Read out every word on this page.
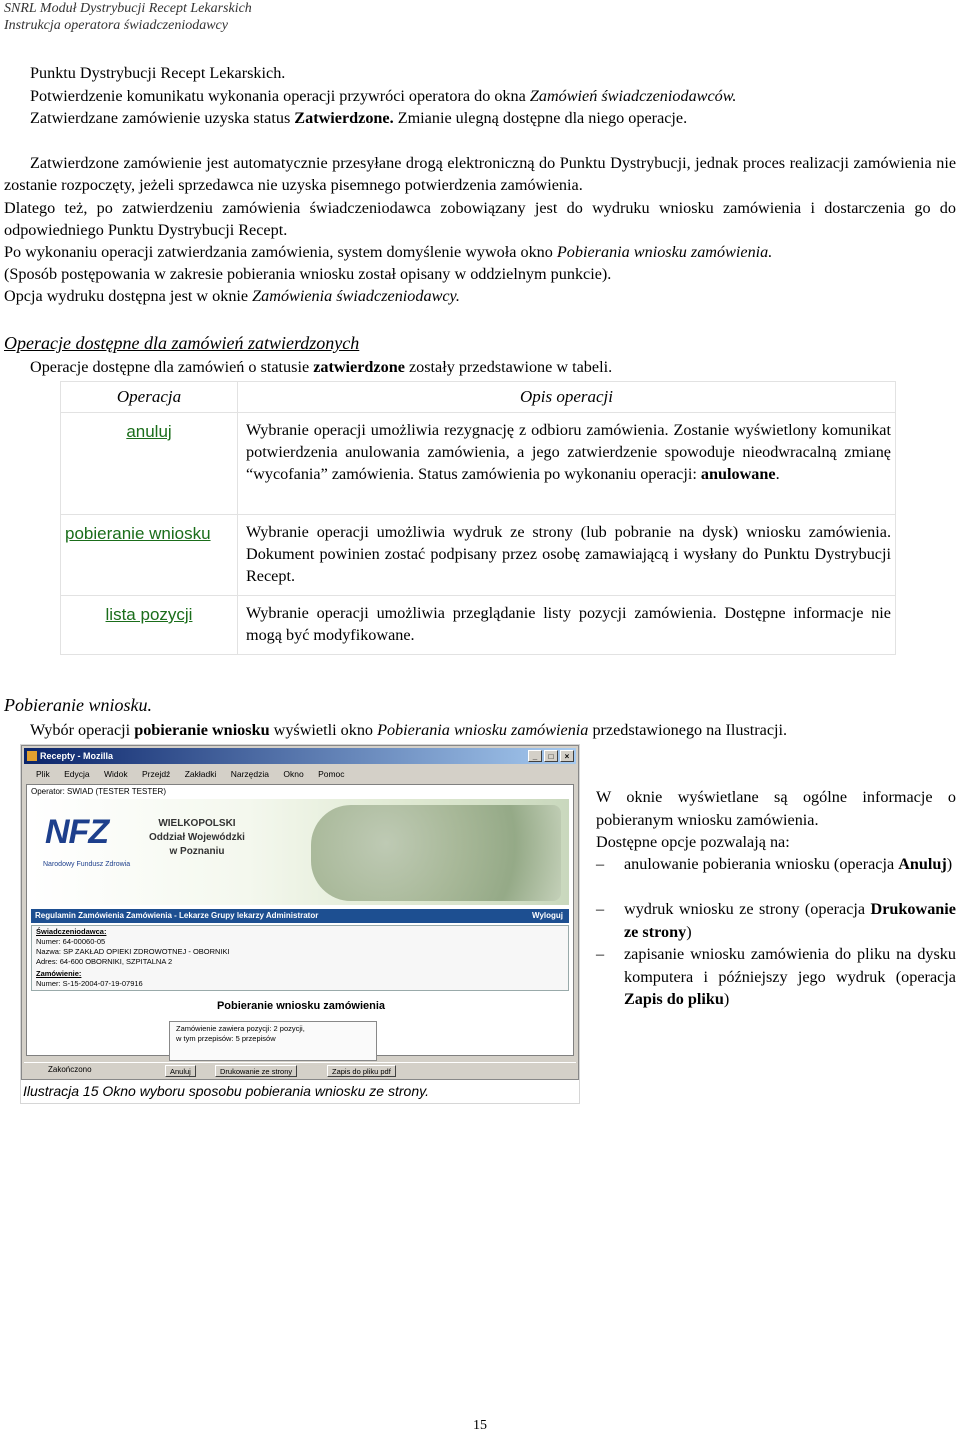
SNRL Moduł Dystrybucji Recept Lekarskich
Instrukcja operatora świadczeniodawcy

Punktu Dystrybucji Recept Lekarskich.

Potwierdzenie komunikatu wykonania operacji przywróci operatora do okna Zamówień świadczeniodawców.

Zatwierdzane zamówienie uzyska status Zatwierdzone. Zmianie ulegną dostępne dla niego operacje.

Zatwierdzone zamówienie jest automatycznie przesyłane drogą elektroniczną do Punktu Dystrybucji, jednak proces realizacji zamówienia nie zostanie rozpoczęty, jeżeli sprzedawca nie uzyska pisemnego potwierdzenia zamówienia.

Dlatego też, po zatwierdzeniu zamówienia świadczeniodawca zobowiązany jest do wydruku wniosku zamówienia i dostarczenia go do odpowiedniego Punktu Dystrybucji Recept.

Po wykonaniu operacji zatwierdzania zamówienia, system domyślenie wywoła okno Pobierania wniosku zamówienia.

(Sposób postępowania w zakresie pobierania wniosku został opisany w oddzielnym punkcie).

Opcja wydruku dostępna jest w oknie Zamówienia świadczeniodawcy.

Operacje dostępne dla zamówień zatwierdzonych

Operacje dostępne dla zamówień o statusie zatwierdzone zostały przedstawione w tabeli.

Operacja	Opis operacji
anuluj	Wybranie operacji umożliwia rezygnację z odbioru zamówienia. Zostanie wyświetlony komunikat potwierdzenia anulowania zamówienia, a jego zatwierdzenie spowoduje nieodwracalną zmianę “wycofania” zamówienia. Status zamówienia po wykonaniu operacji: anulowane.

pobieranie wniosku	Wybranie operacji umożliwia wydruk ze strony (lub pobranie na dysk) wniosku zamówienia. Dokument powinien zostać podpisany przez osobę zamawiającą i wysłany do Punktu Dystrybucji Recept.
lista pozycji	Wybranie operacji umożliwia przeglądanie listy pozycji zamówienia. Dostępne informacje nie mogą być modyfikowane.
Pobieranie wniosku.

Wybór operacji pobieranie wniosku wyświetli okno Pobierania wniosku zamówienia przedstawionego na Ilustracji.

Recepty - Mozilla	_	□	×
Plik Edycja Widok Przejdź Zakładki Narzędzia Okno Pomoc
Operator: SWIAD (TESTER TESTER)
NFZ
Narodowy Fundusz Zdrowia
WIELKOPOLSKI
Oddział Wojewódzki
w Poznaniu
Regulamin Zamówienia Zamówienia - Lekarze Grupy lekarzy Administrator	Wyloguj
Świadczeniodawca:
Numer: 64-00060-05
Nazwa: SP ZAKŁAD OPIEKI ZDROWOTNEJ - OBORNIKI
Adres: 64-600 OBORNIKI, SZPITALNA 2
Zamówienie:
Numer: S-15-2004-07-19-07916
Pobieranie wniosku zamówienia
Zamówienie zawiera pozycji: 2 pozycji,
w tym przepisów: 5 przepisów
Anuluj	Drukowanie ze strony	Zapis do pliku pdf
Zakończono
Ilustracja 15 Okno wyboru sposobu pobierania wniosku ze strony.

W oknie wyświetlane są ogólne informacje o pobieranym wniosku zamówienia.

Dostępne opcje pozwalają na:

– anulowanie pobierania wniosku (operacja Anuluj)
– wydruk wniosku ze strony (operacja Drukowanie ze strony)
– zapisanie wniosku zamówienia do pliku na dysku komputera i późniejszy jego wydruk (operacja Zapis do pliku)
15
